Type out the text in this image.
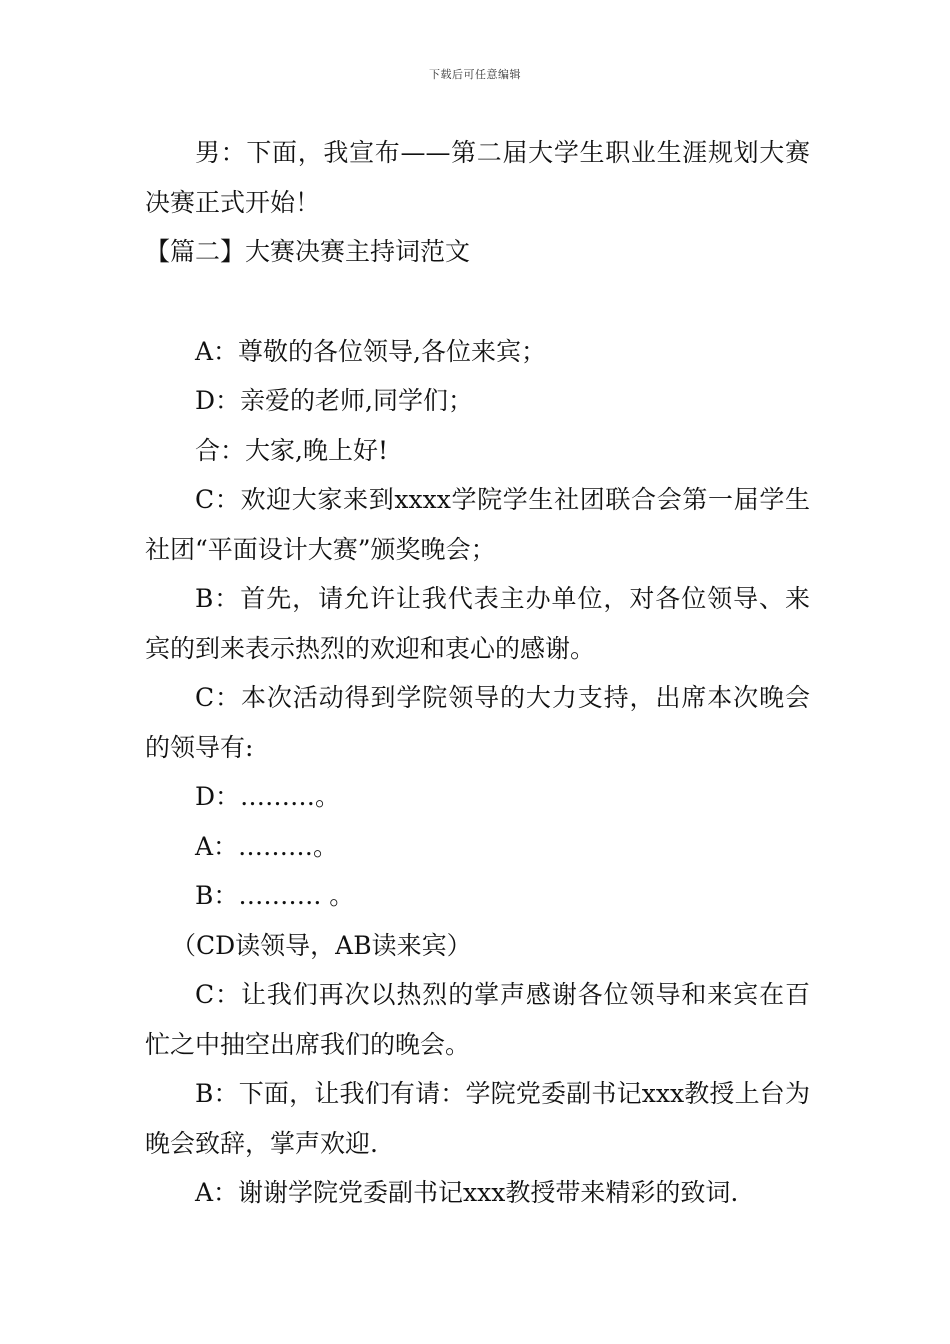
下载后可任意编辑

男：下面，我宣布——第二届大学生职业生涯规划大赛决赛正式开始！

【篇二】大赛决赛主持词范文

A：尊敬的各位领导,各位来宾；

D：亲爱的老师,同学们；

合：大家,晚上好!

C：欢迎大家来到xxxx学院学生社团联合会第一届学生社团“平面设计大赛”颁奖晚会；

B：首先，请允许让我代表主办单位，对各位领导、来宾的到来表示热烈的欢迎和衷心的感谢。

C：本次活动得到学院领导的大力支持，出席本次晚会的领导有:

D：………。

A：………。

B：………. 。

（CD读领导，AB读来宾）

C：让我们再次以热烈的掌声感谢各位领导和来宾在百忙之中抽空出席我们的晚会。

B：下面，让我们有请：学院党委副书记xxx教授上台为晚会致辞，掌声欢迎.

A：谢谢学院党委副书记xxx教授带来精彩的致词.
